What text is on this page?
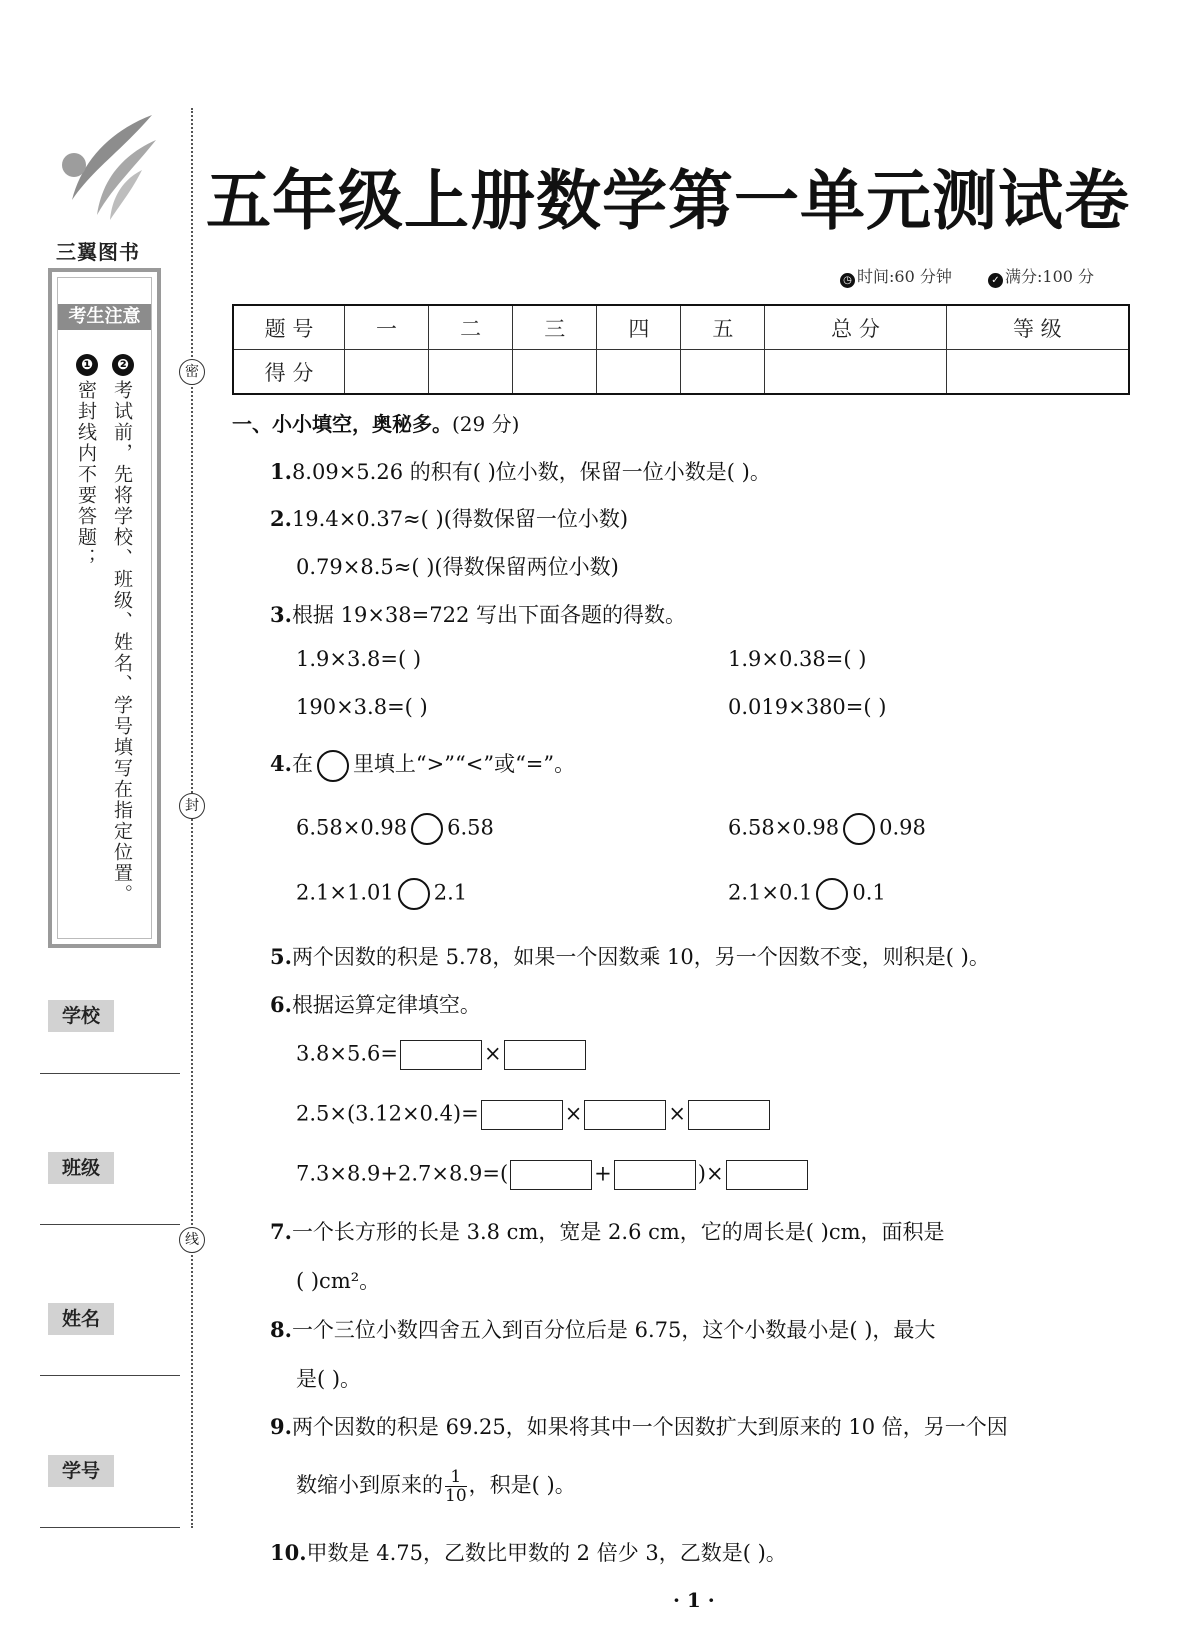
三翼图书
考生注意
❷
考试前，先将学校、班级、姓名、学号填写在指定位置。
❶
密封线内不要答题；
学校
班级
姓名
学号
密
封
线
五年级上册数学第一单元测试卷
◷ 时间:60 分钟	✓ 满分:100 分
题 号	一	二	三	四	五	总 分	等 级
得 分							
一、小小填空，奥秘多。(29 分)
1.8.09×5.26 的积有( )位小数，保留一位小数是( )。
2.19.4×0.37≈( )(得数保留一位小数)
0.79×8.5≈( )(得数保留两位小数)
3.根据 19×38=722 写出下面各题的得数。
1.9×3.8=( )	1.9×0.38=( )
190×3.8=( )	0.019×380=( )
4.在 里填上“>”“<”或“=”。
6.58×0.98 6.58	6.58×0.98 0.98
2.1×1.01 2.1	2.1×0.1 0.1
5.两个因数的积是 5.78，如果一个因数乘 10，另一个因数不变，则积是( )。
6.根据运算定律填空。
3.8×5.6=	×
2.5×(3.12×0.4)=	×	×
7.3×8.9+2.7×8.9=(	+	)×
7.一个长方形的长是 3.8 cm，宽是 2.6 cm，它的周长是( )cm，面积是
( )cm²。
8.一个三位小数四舍五入到百分位后是 6.75，这个小数最小是( )，最大
是( )。
9.两个因数的积是 69.25，如果将其中一个因数扩大到原来的 10 倍，另一个因
数缩小到原来的 $\frac{1}{10}$ ，积是( )。
10.甲数是 4.75，乙数比甲数的 2 倍少 3，乙数是( )。
· 1 ·
